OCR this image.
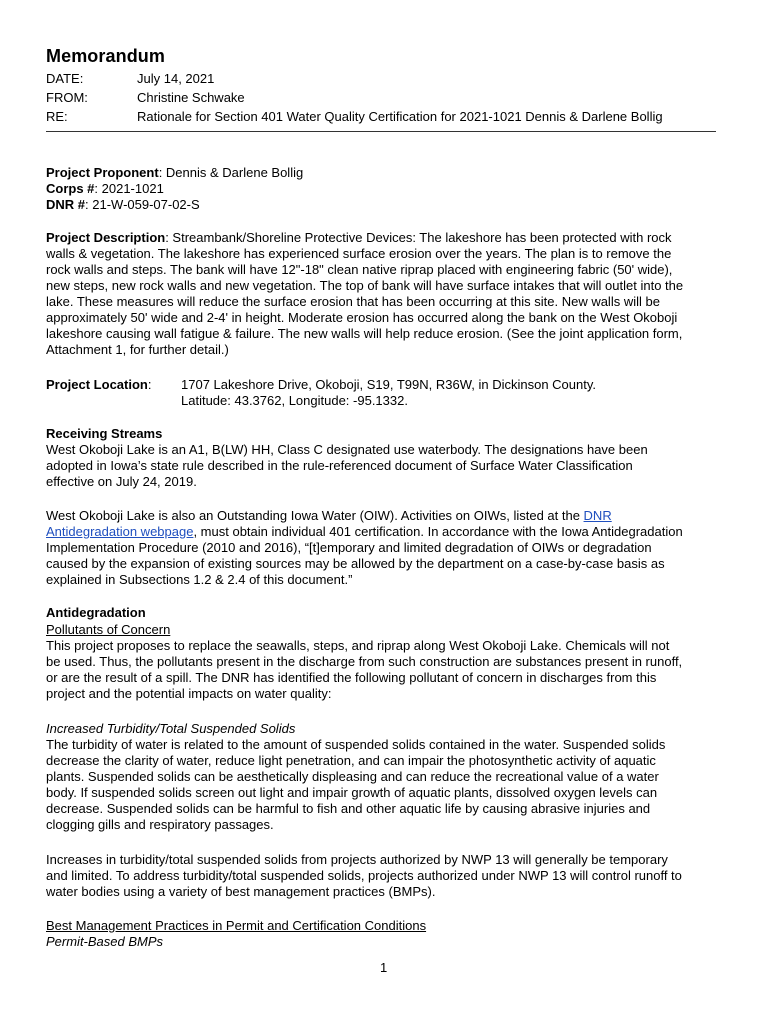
Memorandum
DATE:	July 14, 2021
FROM:	Christine Schwake
RE:	Rationale for Section 401 Water Quality Certification for 2021-1021 Dennis & Darlene Bollig
Project Proponent: Dennis & Darlene Bollig
Corps #: 2021-1021
DNR #: 21-W-059-07-02-S
Project Description: Streambank/Shoreline Protective Devices: The lakeshore has been protected with rock
walls & vegetation. The lakeshore has experienced surface erosion over the years. The plan is to remove the
rock walls and steps. The bank will have 12"-18" clean native riprap placed with engineering fabric (50' wide),
new steps, new rock walls and new vegetation. The top of bank will have surface intakes that will outlet into the
lake. These measures will reduce the surface erosion that has been occurring at this site. New walls will be
approximately 50' wide and 2-4' in height. Moderate erosion has occurred along the bank on the West Okoboji
lakeshore causing wall fatigue & failure. The new walls will help reduce erosion. (See the joint application form,
Attachment 1, for further detail.)
Project Location: 1707 Lakeshore Drive, Okoboji, S19, T99N, R36W, in Dickinson County.
Latitude: 43.3762, Longitude: -95.1332.
Receiving Streams
West Okoboji Lake is an A1, B(LW) HH, Class C designated use waterbody. The designations have been
adopted in Iowa’s state rule described in the rule-referenced document of Surface Water Classification
effective on July 24, 2019.
West Okoboji Lake is also an Outstanding Iowa Water (OIW). Activities on OIWs, listed at the DNR
Antidegradation webpage, must obtain individual 401 certification. In accordance with the Iowa Antidegradation
Implementation Procedure (2010 and 2016), “[t]emporary and limited degradation of OIWs or degradation
caused by the expansion of existing sources may be allowed by the department on a case-by-case basis as
explained in Subsections 1.2 & 2.4 of this document.”
Antidegradation
Pollutants of Concern
This project proposes to replace the seawalls, steps, and riprap along West Okoboji Lake. Chemicals will not
be used. Thus, the pollutants present in the discharge from such construction are substances present in runoff,
or are the result of a spill. The DNR has identified the following pollutant of concern in discharges from this
project and the potential impacts on water quality:
Increased Turbidity/Total Suspended Solids
The turbidity of water is related to the amount of suspended solids contained in the water. Suspended solids
decrease the clarity of water, reduce light penetration, and can impair the photosynthetic activity of aquatic
plants. Suspended solids can be aesthetically displeasing and can reduce the recreational value of a water
body. If suspended solids screen out light and impair growth of aquatic plants, dissolved oxygen levels can
decrease. Suspended solids can be harmful to fish and other aquatic life by causing abrasive injuries and
clogging gills and respiratory passages.
Increases in turbidity/total suspended solids from projects authorized by NWP 13 will generally be temporary
and limited. To address turbidity/total suspended solids, projects authorized under NWP 13 will control runoff to
water bodies using a variety of best management practices (BMPs).
Best Management Practices in Permit and Certification Conditions
Permit-Based BMPs
1
